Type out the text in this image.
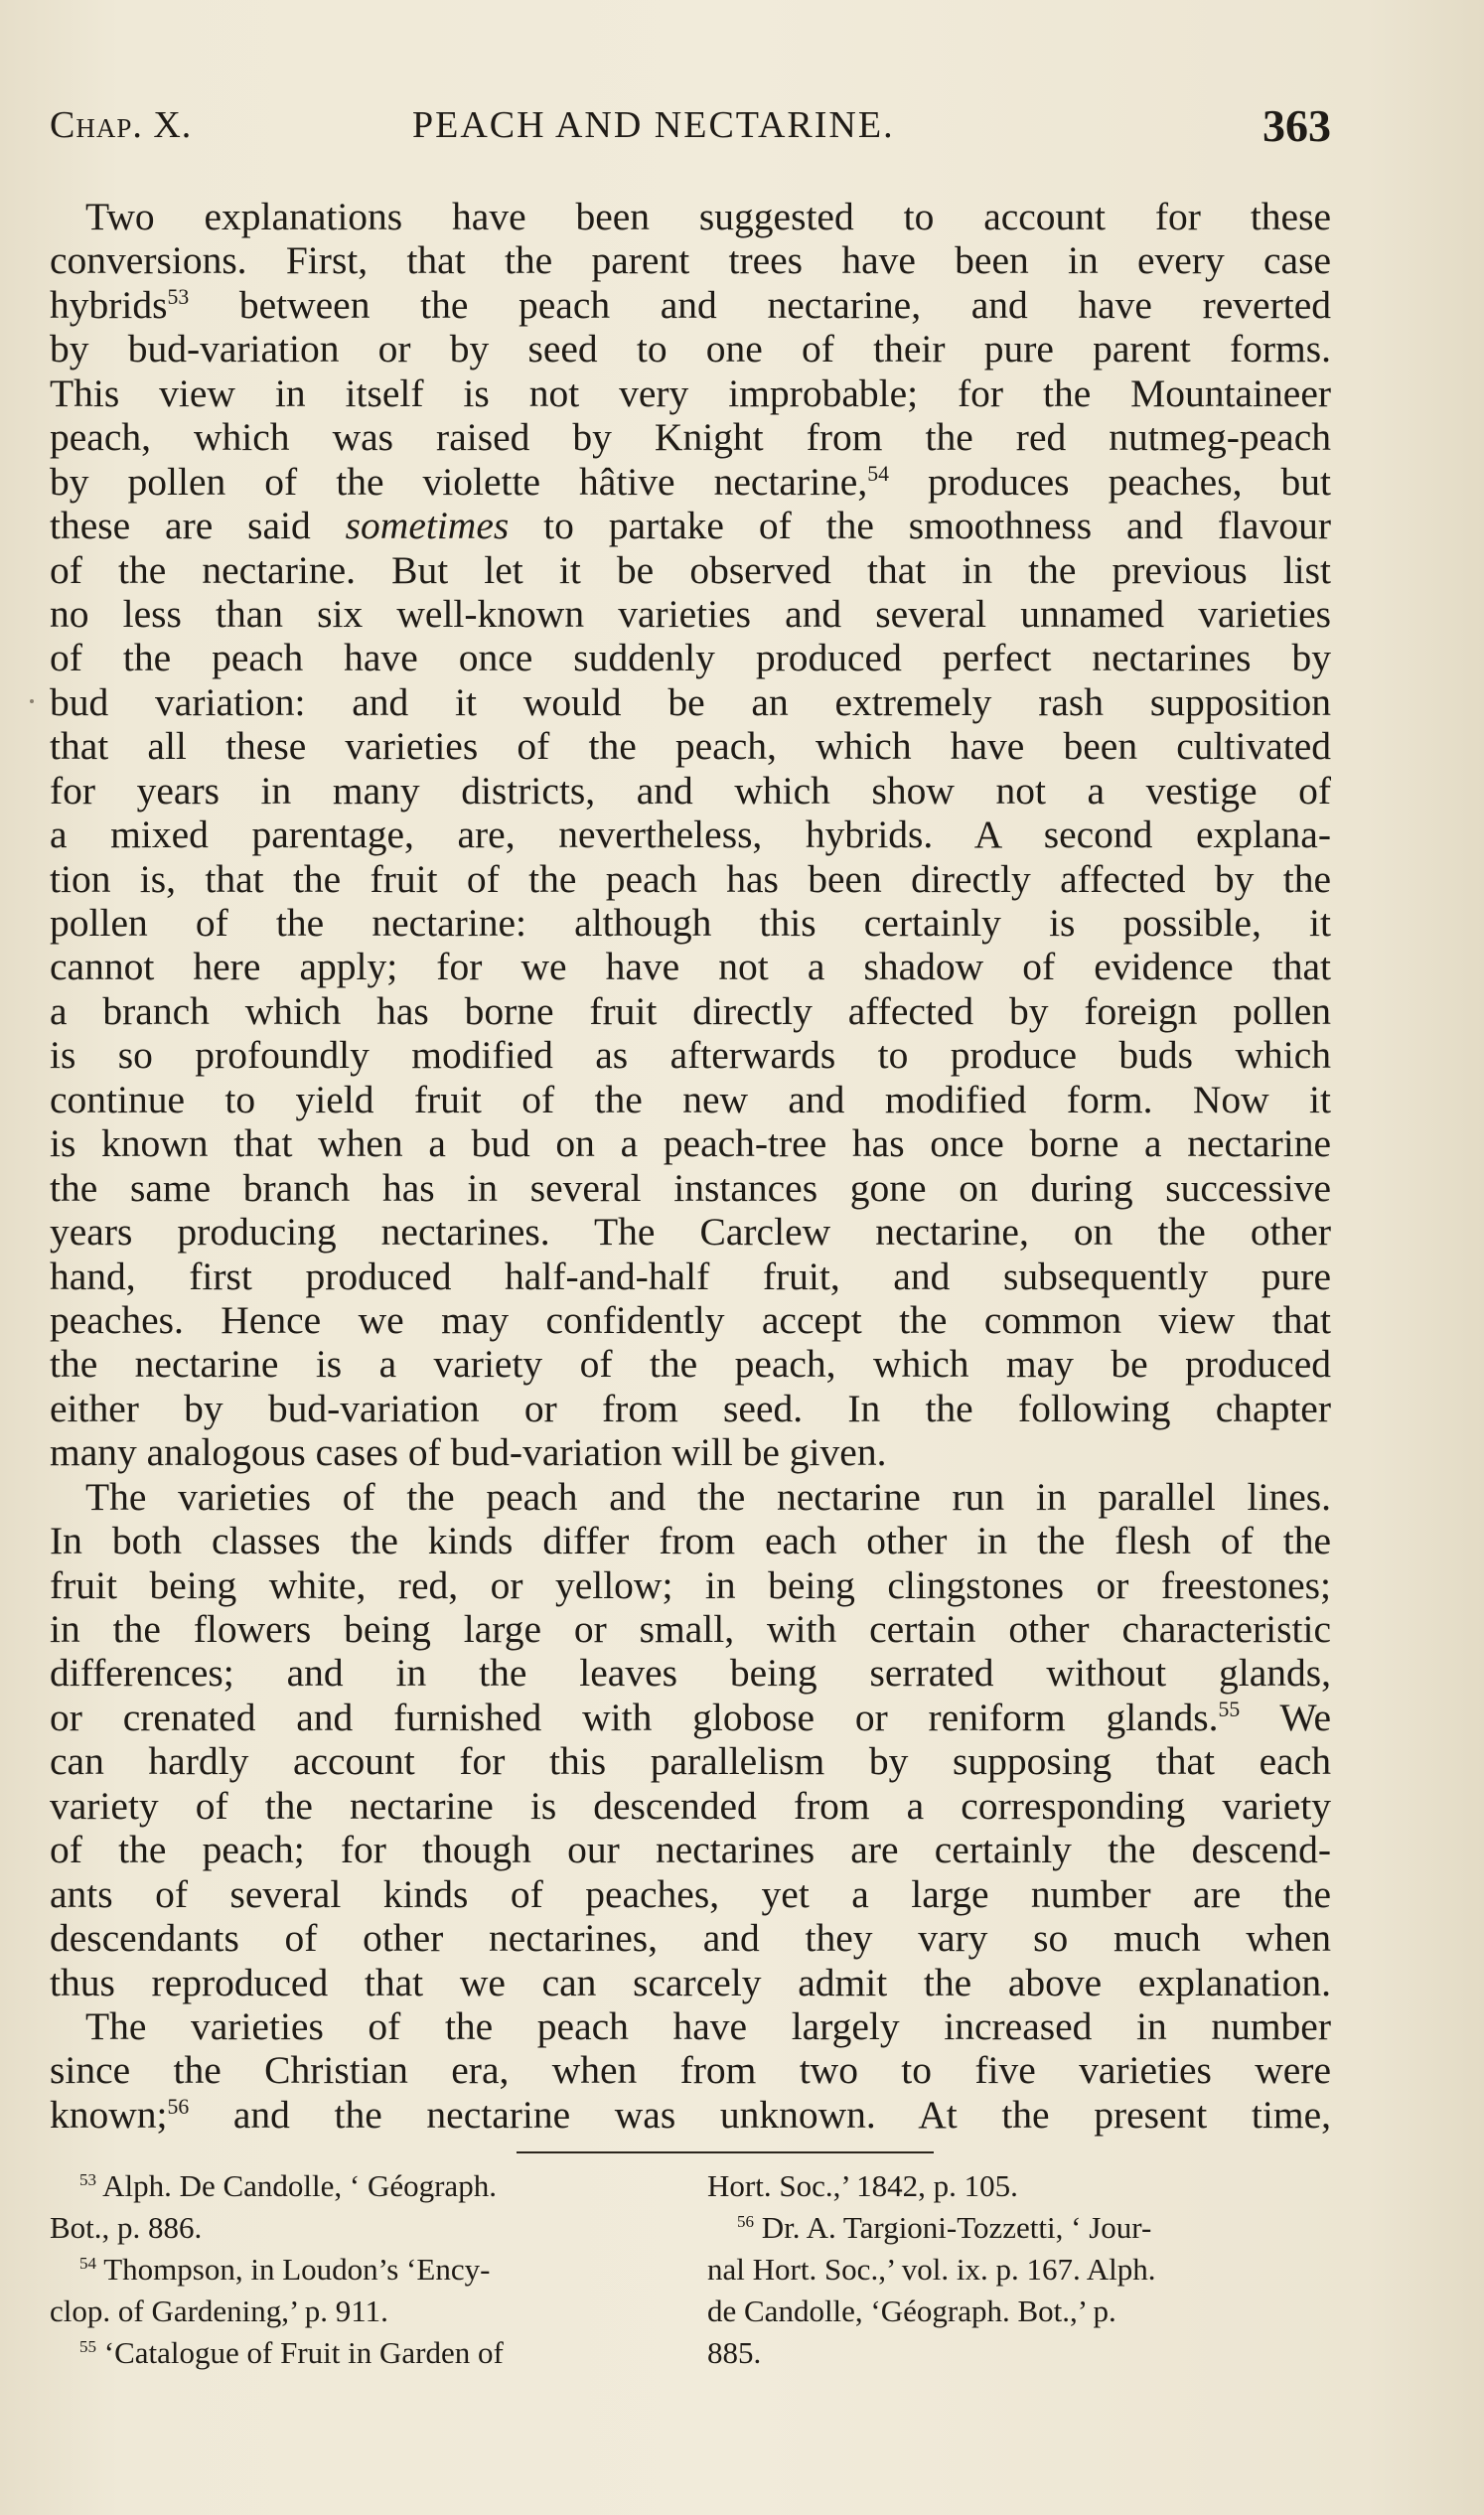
Chap. X.	PEACH AND NECTARINE.	363
Two explanations have been suggested to account for these
conversions. First, that the parent trees have been in every case
hybrids$^{53}$ between the peach and nectarine, and have reverted
by bud-variation or by seed to one of their pure parent forms.
This view in itself is not very improbable; for the Mountaineer
peach, which was raised by Knight from the red nutmeg-peach
by pollen of the violette hâtive nectarine,$^{54}$ produces peaches, but
these are said sometimes to partake of the smoothness and flavour
of the nectarine. But let it be observed that in the previous list
no less than six well-known varieties and several unnamed varieties
of the peach have once suddenly produced perfect nectarines by
bud variation: and it would be an extremely rash supposition
that all these varieties of the peach, which have been cultivated
for years in many districts, and which show not a vestige of
a mixed parentage, are, nevertheless, hybrids. A second explana-
tion is, that the fruit of the peach has been directly affected by the
pollen of the nectarine: although this certainly is possible, it
cannot here apply; for we have not a shadow of evidence that
a branch which has borne fruit directly affected by foreign pollen
is so profoundly modified as afterwards to produce buds which
continue to yield fruit of the new and modified form. Now it
is known that when a bud on a peach-tree has once borne a nectarine
the same branch has in several instances gone on during successive
years producing nectarines. The Carclew nectarine, on the other
hand, first produced half-and-half fruit, and subsequently pure
peaches. Hence we may confidently accept the common view that
the nectarine is a variety of the peach, which may be produced
either by bud-variation or from seed. In the following chapter
many analogous cases of bud-variation will be given.
The varieties of the peach and the nectarine run in parallel lines.
In both classes the kinds differ from each other in the flesh of the
fruit being white, red, or yellow; in being clingstones or freestones;
in the flowers being large or small, with certain other characteristic
differences; and in the leaves being serrated without glands,
or crenated and furnished with globose or reniform glands.$^{55}$ We
can hardly account for this parallelism by supposing that each
variety of the nectarine is descended from a corresponding variety
of the peach; for though our nectarines are certainly the descend-
ants of several kinds of peaches, yet a large number are the
descendants of other nectarines, and they vary so much when
thus reproduced that we can scarcely admit the above explanation.
The varieties of the peach have largely increased in number
since the Christian era, when from two to five varieties were
known;$^{56}$ and the nectarine was unknown. At the present time,
$^{53}$ Alph. De Candolle, ‘ Géograph.
Bot., p. 886.
$^{54}$ Thompson, in Loudon’s ‘Ency-
clop. of Gardening,’ p. 911.
$^{55}$ ‘Catalogue of Fruit in Garden of
Hort. Soc.,’ 1842, p. 105.
$^{56}$ Dr. A. Targioni-Tozzetti, ‘ Jour-
nal Hort. Soc.,’ vol. ix. p. 167. Alph.
de Candolle, ‘Géograph. Bot.,’ p.
885.
